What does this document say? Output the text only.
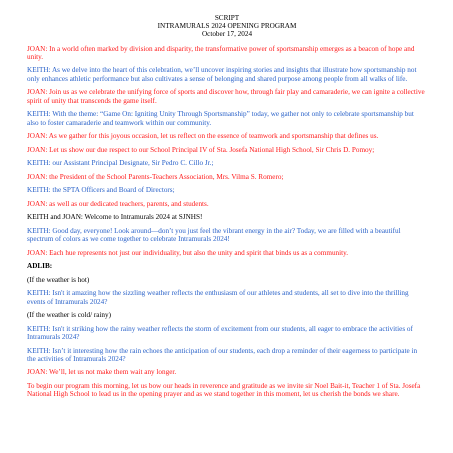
SCRIPT
INTRAMURALS 2024 OPENING PROGRAM
October 17, 2024

JOAN: In a world often marked by division and disparity, the transformative power of sportsmanship emerges as a beacon of hope and unity.

KEITH: As we delve into the heart of this celebration, we’ll uncover inspiring stories and insights that illustrate how sportsmanship not only enhances athletic performance but also cultivates a sense of belonging and shared purpose among people from all walks of life.

JOAN: Join us as we celebrate the unifying force of sports and discover how, through fair play and camaraderie, we can ignite a collective spirit of unity that transcends the game itself.

KEITH: With the theme: “Game On: Igniting Unity Through Sportsmanship” today, we gather not only to celebrate sportsmanship but also to foster camaraderie and teamwork within our community.

JOAN: As we gather for this joyous occasion, let us reflect on the essence of teamwork and sportsmanship that defines us.

JOAN: Let us show our due respect to our School Principal IV of Sta. Josefa National High School, Sir Chris D. Pomoy;

KEITH: our Assistant Principal Designate, Sir Pedro C. Cillo Jr.;

JOAN: the President of the School Parents-Teachers Association, Mrs. Vilma S. Romero;

KEITH: the SPTA Officers and Board of Directors;

JOAN: as well as our dedicated teachers, parents, and students.

KEITH and JOAN: Welcome to Intramurals 2024 at SJNHS!

KEITH: Good day, everyone! Look around—don’t you just feel the vibrant energy in the air? Today, we are filled with a beautiful spectrum of colors as we come together to celebrate Intramurals 2024!

JOAN: Each hue represents not just our individuality, but also the unity and spirit that binds us as a community.

ADLIB:

(If the weather is hot)

KEITH: Isn't it amazing how the sizzling weather reflects the enthusiasm of our athletes and students, all set to dive into the thrilling events of Intramurals 2024?

(If the weather is cold/ rainy)

KEITH: Isn't it striking how the rainy weather reflects the storm of excitement from our students, all eager to embrace the activities of Intramurals 2024?

KEITH: Isn’t it interesting how the rain echoes the anticipation of our students, each drop a reminder of their eagerness to participate in the activities of Intramurals 2024?

JOAN: We’ll, let us not make them wait any longer.

To begin our program this morning, let us bow our heads in reverence and gratitude as we invite sir Noel Bait-it, Teacher 1 of Sta. Josefa National High School to lead us in the opening prayer and as we stand together in this moment, let us cherish the bonds we share.
